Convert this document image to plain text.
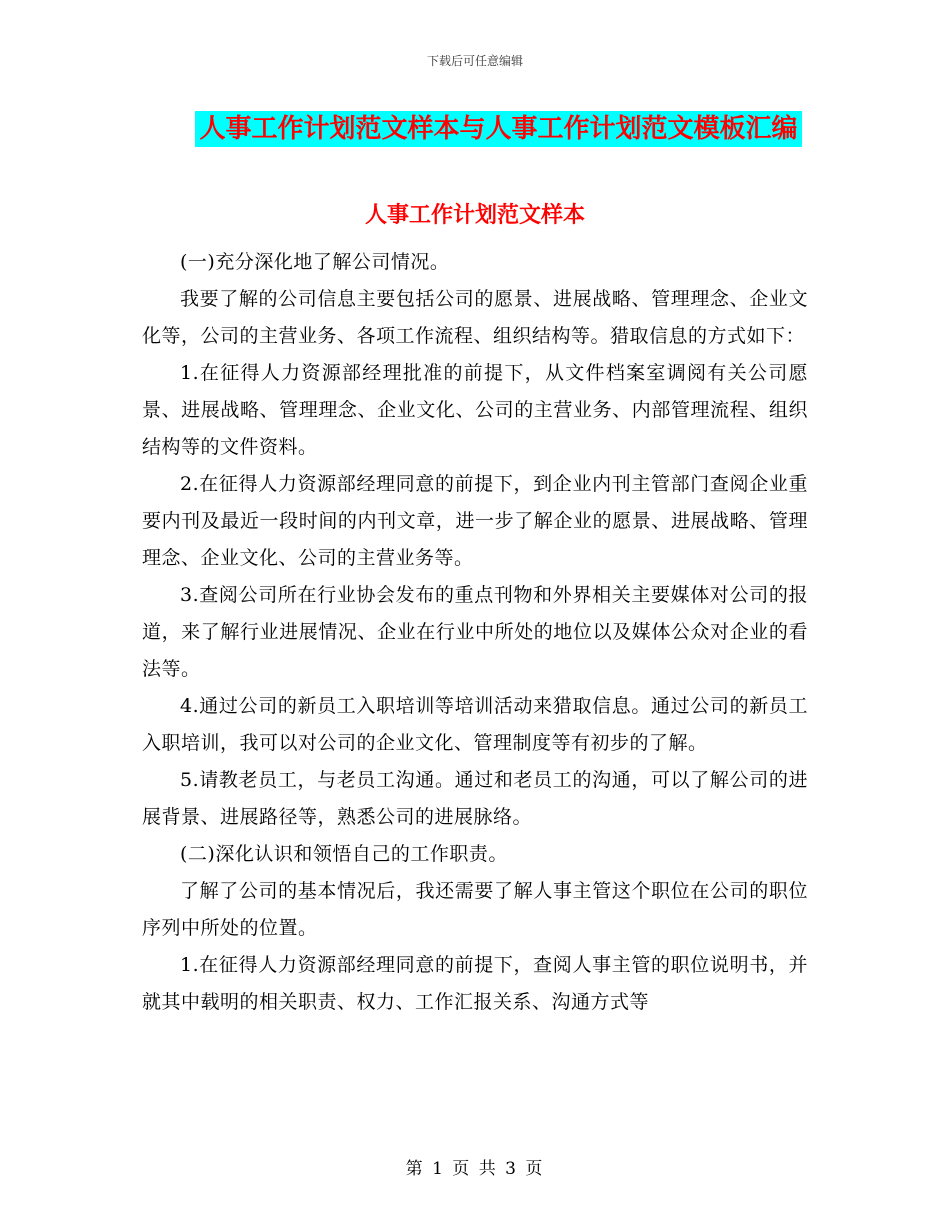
下载后可任意编辑
人事工作计划范文样本与人事工作计划范文模板汇编
人事工作计划范文样本

(一)充分深化地了解公司情况。

我要了解的公司信息主要包括公司的愿景、进展战略、管理理念、企业文化等，公司的主营业务、各项工作流程、组织结构等。猎取信息的方式如下：

1.在征得人力资源部经理批准的前提下，从文件档案室调阅有关公司愿景、进展战略、管理理念、企业文化、公司的主营业务、内部管理流程、组织结构等的文件资料。

2.在征得人力资源部经理同意的前提下，到企业内刊主管部门查阅企业重要内刊及最近一段时间的内刊文章，进一步了解企业的愿景、进展战略、管理理念、企业文化、公司的主营业务等。

3.查阅公司所在行业协会发布的重点刊物和外界相关主要媒体对公司的报道，来了解行业进展情况、企业在行业中所处的地位以及媒体公众对企业的看法等。

4.通过公司的新员工入职培训等培训活动来猎取信息。通过公司的新员工入职培训，我可以对公司的企业文化、管理制度等有初步的了解。

5.请教老员工，与老员工沟通。通过和老员工的沟通，可以了解公司的进展背景、进展路径等，熟悉公司的进展脉络。

(二)深化认识和领悟自己的工作职责。

了解了公司的基本情况后，我还需要了解人事主管这个职位在公司的职位序列中所处的位置。

1.在征得人力资源部经理同意的前提下，查阅人事主管的职位说明书，并就其中载明的相关职责、权力、工作汇报关系、沟通方式等

第 1 页 共 3 页
